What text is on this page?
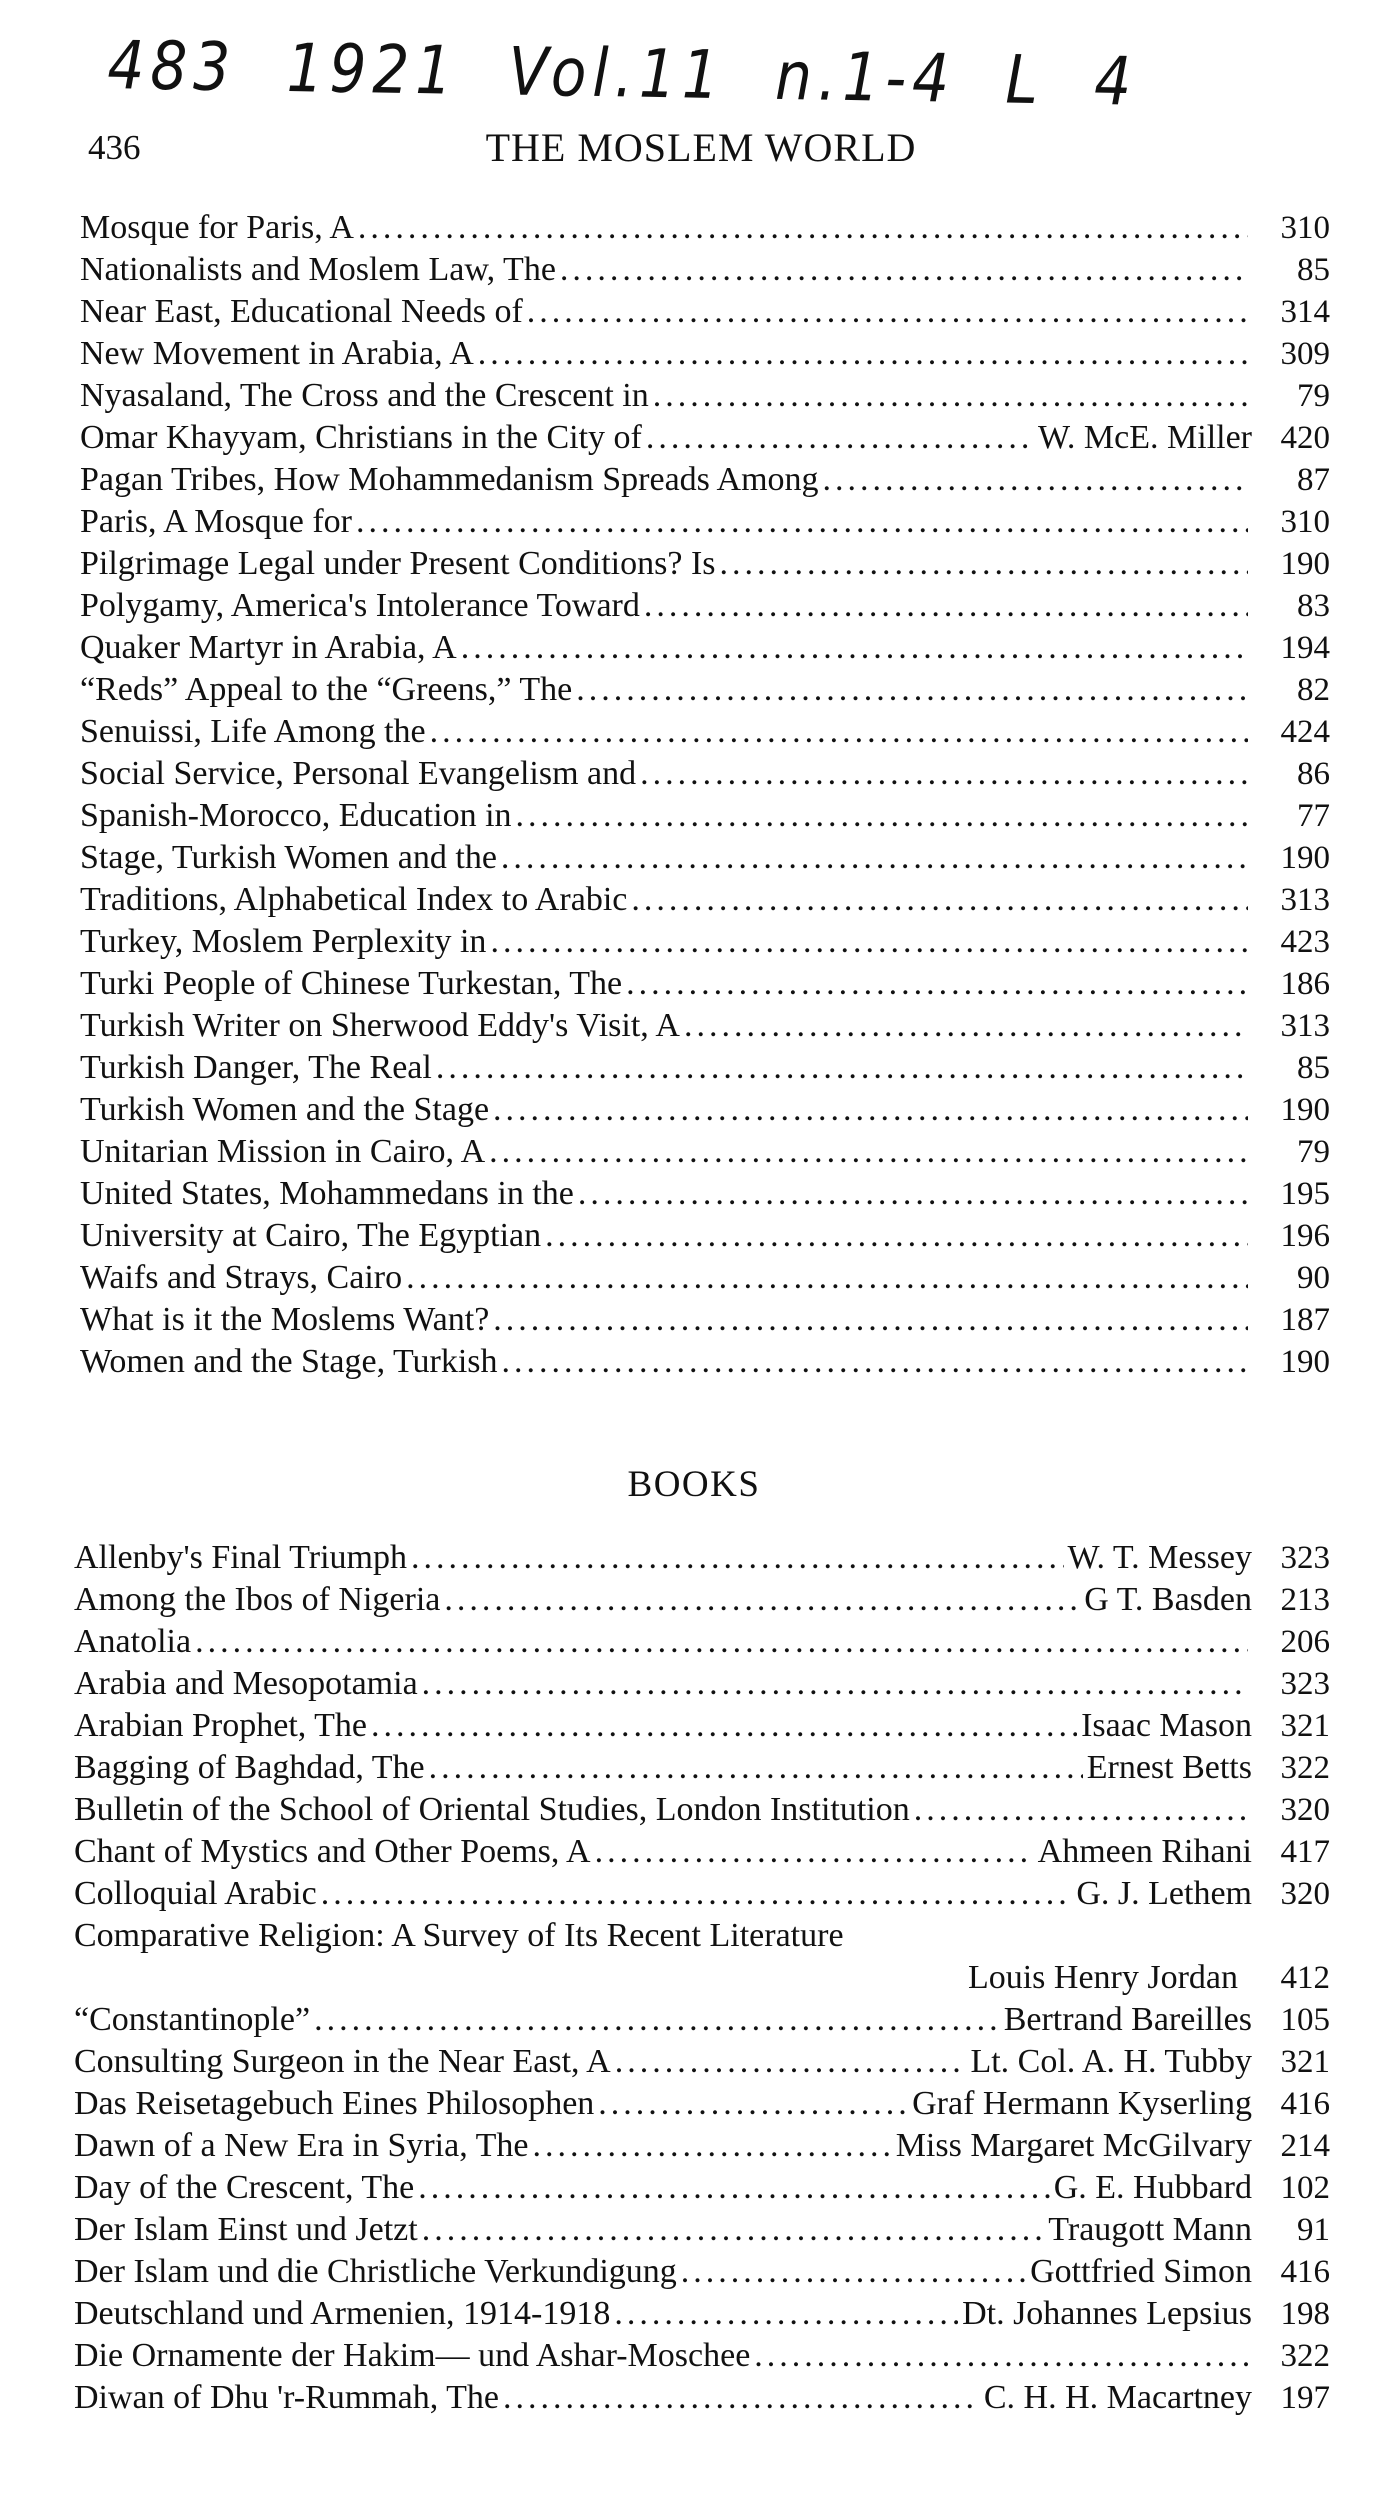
483 1921 Vol.11 n.1-4 L 4
436	THE MOSLEM WORLD
Mosque for Paris, A .....	310
Nationalists and Moslem Law, The .....	85
Near East, Educational Needs of .....	314
New Movement in Arabia, A .....	309
Nyasaland, The Cross and the Crescent in .....	79
Omar Khayyam, Christians in the City of .....	W. McE. Miller 420
Pagan Tribes, How Mohammedanism Spreads Among .....	87
Paris, A Mosque for .....	310
Pilgrimage Legal under Present Conditions? Is .....	190
Polygamy, America's Intolerance Toward .....	83
Quaker Martyr in Arabia, A .....	194
“Reds” Appeal to the “Greens,” The .....	82
Senuissi, Life Among the .....	424
Social Service, Personal Evangelism and .....	86
Spanish-Morocco, Education in .....	77
Stage, Turkish Women and the .....	190
Traditions, Alphabetical Index to Arabic .....	313
Turkey, Moslem Perplexity in .....	423
Turki People of Chinese Turkestan, The .....	186
Turkish Writer on Sherwood Eddy's Visit, A .....	313
Turkish Danger, The Real .....	85
Turkish Women and the Stage .....	190
Unitarian Mission in Cairo, A .....	79
United States, Mohammedans in the .....	195
University at Cairo, The Egyptian .....	196
Waifs and Strays, Cairo .....	90
What is it the Moslems Want? .....	187
Women and the Stage, Turkish .....	190
BOOKS
Allenby's Final Triumph .....	W. T. Messey 323
Among the Ibos of Nigeria .....	G T. Basden 213
Anatolia .....	206
Arabia and Mesopotamia .....	323
Arabian Prophet, The .....	Isaac Mason 321
Bagging of Baghdad, The .....	Ernest Betts 322
Bulletin of the School of Oriental Studies, London Institution .....	320
Chant of Mystics and Other Poems, A .....	Ahmeen Rihani 417
Colloquial Arabic .....	G. J. Lethem 320
Comparative Religion: A Survey of Its Recent Literature
Louis Henry Jordan	412
“Constantinople” .....	Bertrand Bareilles 105
Consulting Surgeon in the Near East, A .....	Lt. Col. A. H. Tubby 321
Das Reisetagebuch Eines Philosophen .....	Graf Hermann Kyserling 416
Dawn of a New Era in Syria, The .....	Miss Margaret McGilvary 214
Day of the Crescent, The .....	G. E. Hubbard 102
Der Islam Einst und Jetzt .....	Traugott Mann	91
Der Islam und die Christliche Verkundigung .....	Gottfried Simon 416
Deutschland und Armenien, 1914-1918 .....	Dt. Johannes Lepsius 198
Die Ornamente der Hakim— und Ashar-Moschee .....	322
Diwan of Dhu 'r-Rummah, The .....	C. H. H. Macartney 197
